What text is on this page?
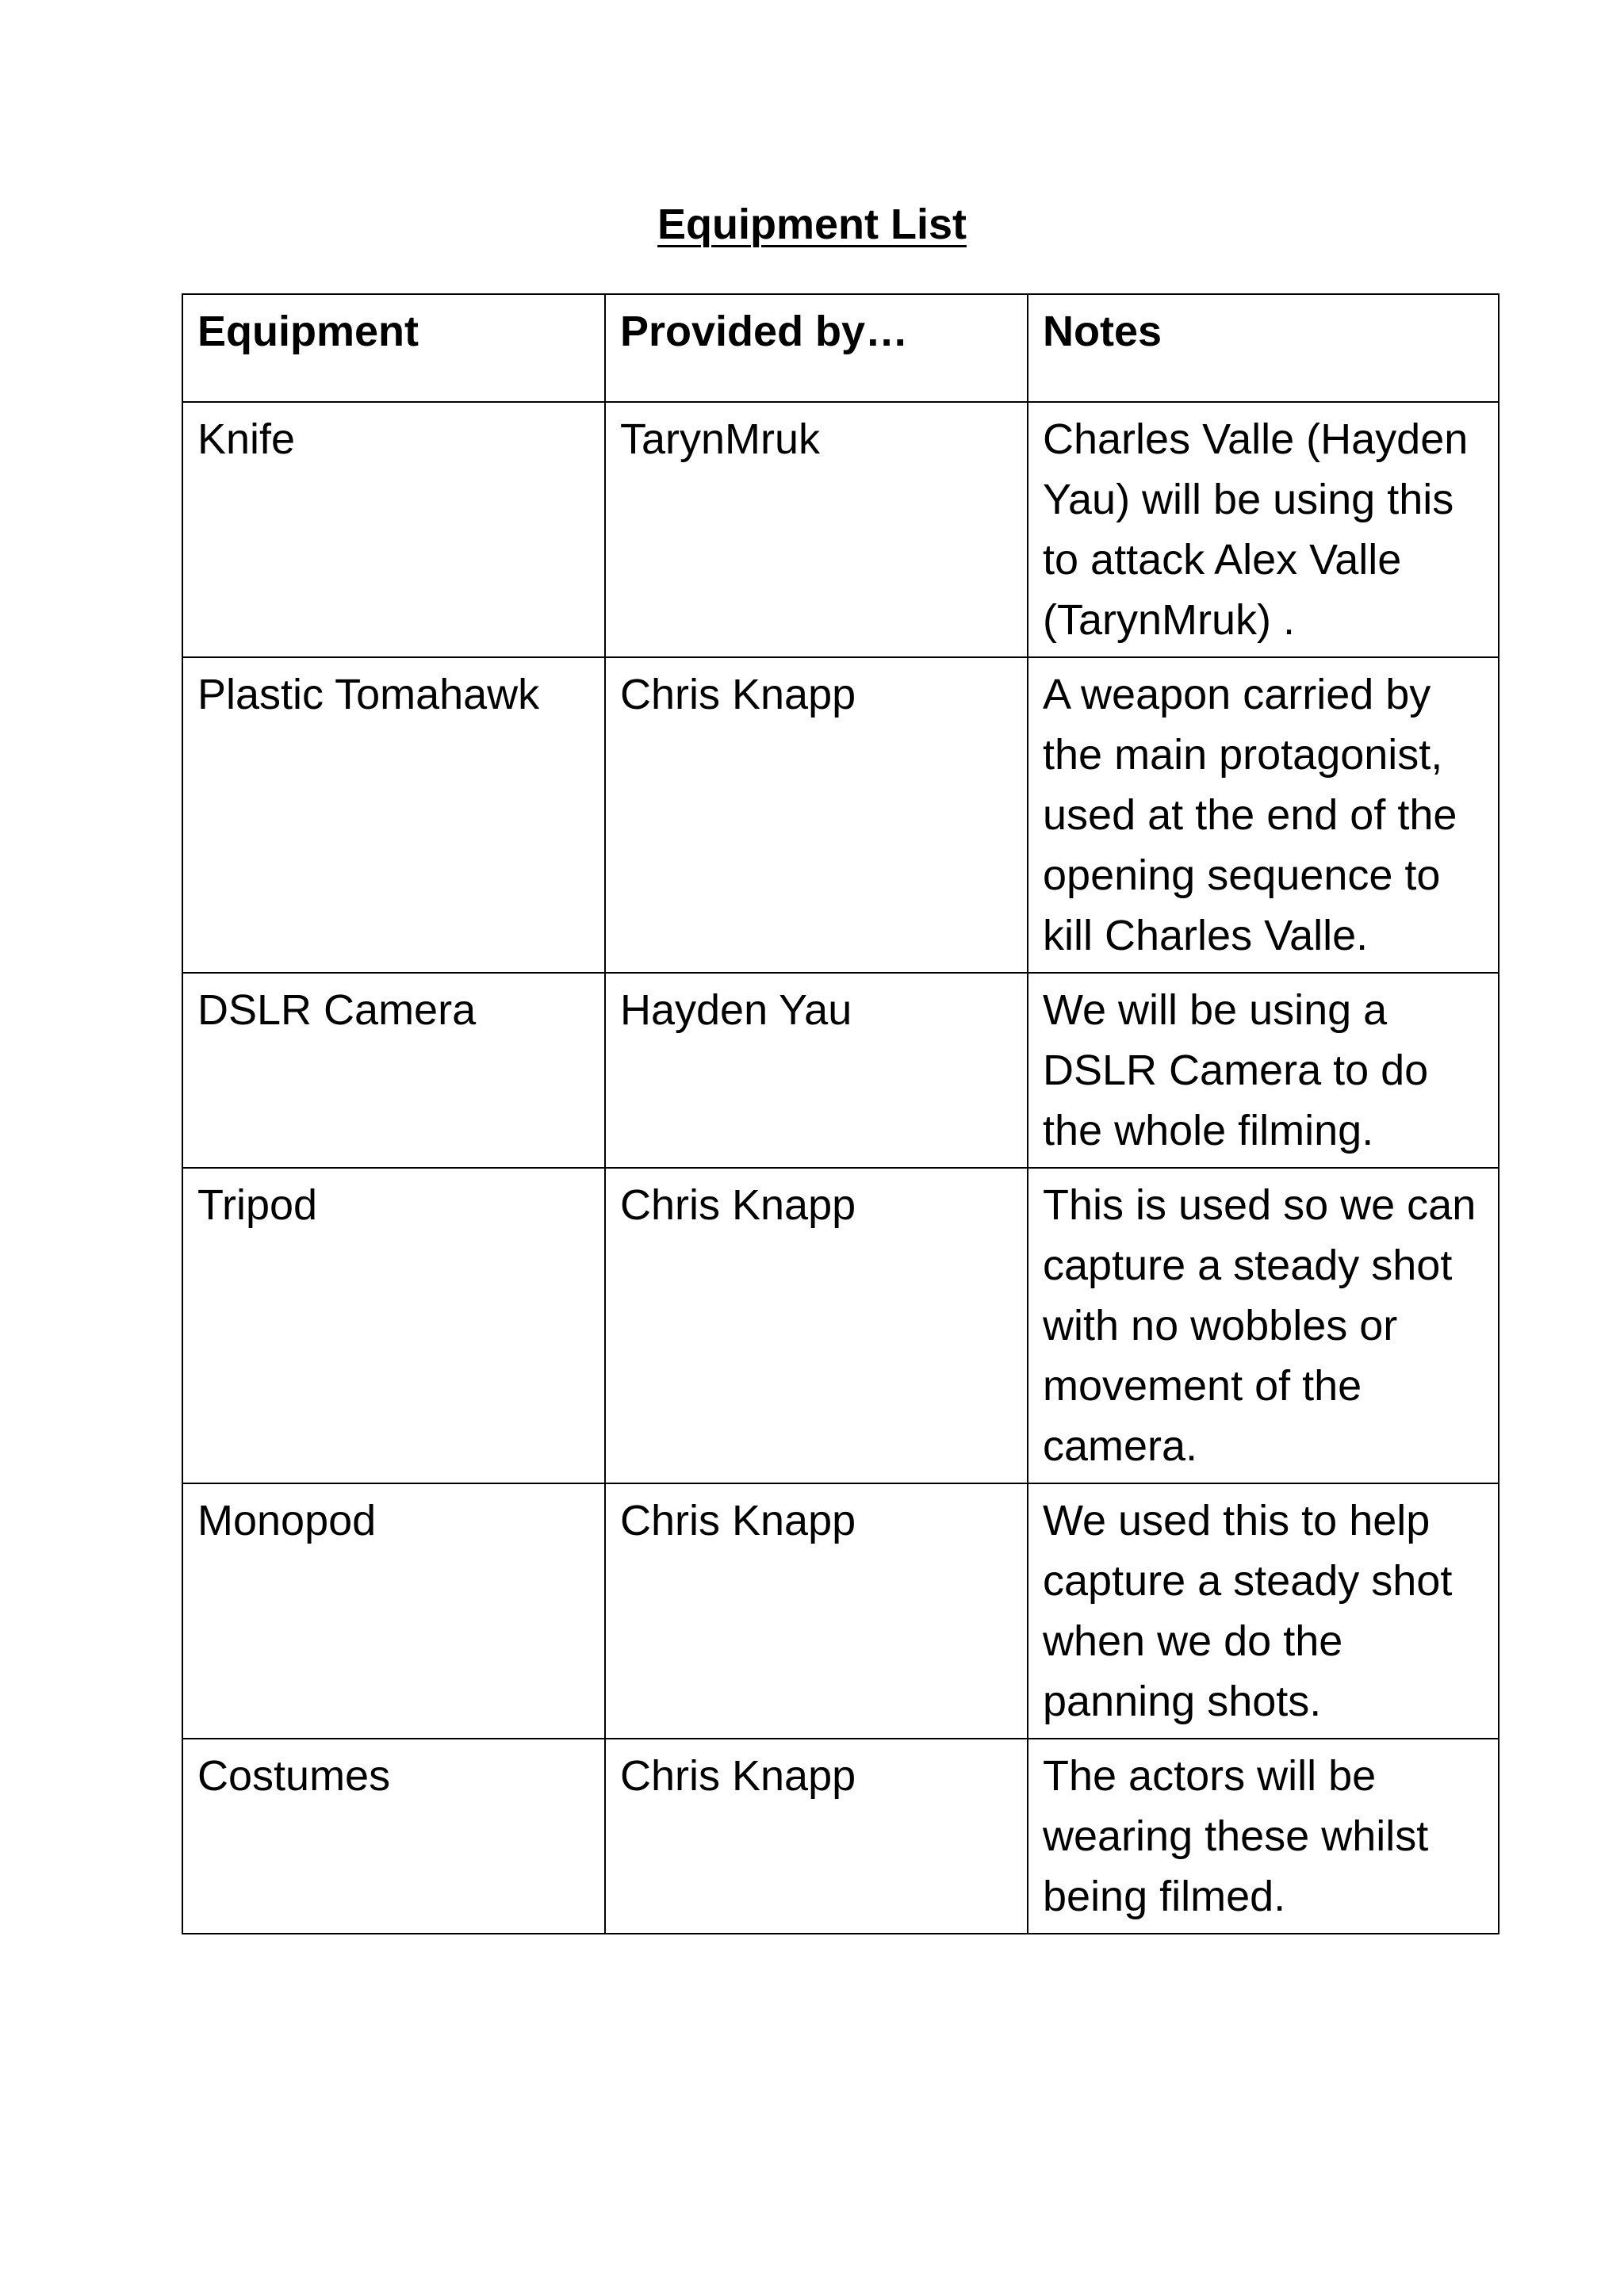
Equipment List
Equipment	Provided by…	Notes
Knife	TarynMruk	Charles Valle (Hayden Yau) will be using this to attack Alex Valle (TarynMruk) .
Plastic Tomahawk	Chris Knapp	A weapon carried by the main protagonist, used at the end of the opening sequence to kill Charles Valle.
DSLR Camera	Hayden Yau	We will be using a DSLR Camera to do the whole filming.
Tripod	Chris Knapp	This is used so we can capture a steady shot with no wobbles or movement of the camera.
Monopod	Chris Knapp	We used this to help capture a steady shot when we do the panning shots.
Costumes	Chris Knapp	The actors will be wearing these whilst being filmed.
